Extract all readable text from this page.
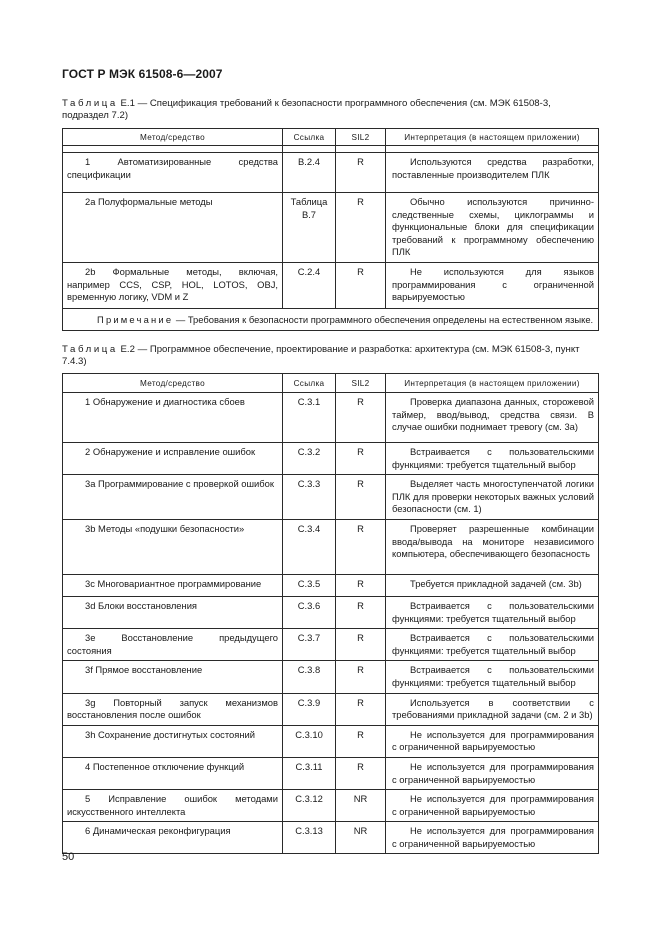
ГОСТ Р МЭК 61508-6—2007
Таблица Е.1 — Спецификация требований к безопасности программного обеспечения (см. МЭК 61508-3, подраздел 7.2)
Метод/средство	Ссылка	SIL2	Интерпретация (в настоящем приложении)

1 Автоматизированные средства спецификации	B.2.4	R	Используются средства разработки, поставленные производителем ПЛК

2а Полуформальные методы	Таблица B.7	R	Обычно используются причинно-следственные схемы, циклограммы и функциональные блоки для спецификации требований к программному обеспечению ПЛК

2b Формальные методы, включая, например CCS, CSP, HOL, LOTOS, OBJ, временную логику, VDM и Z	C.2.4	R	Не используются для языков программирования с ограниченной варьируемостью

Примечание — Требования к безопасности программного обеспечения определены на естественном языке.			
Таблица Е.2 — Программное обеспечение, проектирование и разработка: архитектура (см. МЭК 61508-3, пункт 7.4.3)
Метод/средство	Ссылка	SIL2	Интерпретация (в настоящем приложении)

1 Обнаружение и диагностика сбоев	C.3.1	R	Проверка диапазона данных, сторожевой таймер, ввод/вывод, средства связи. В случае ошибки поднимает тревогу (см. 3а)

2 Обнаружение и исправление ошибок	C.3.2	R	Встраивается с пользовательскими функциями: требуется тщательный выбор

3а Программирование с проверкой ошибок	C.3.3	R	Выделяет часть многоступенчатой логики ПЛК для проверки некоторых важных условий безопасности (см. 1)

3b Методы «подушки безопасности»	C.3.4	R	Проверяет разрешенные комбинации ввода/вывода на мониторе независимого компьютера, обеспечивающего безопасность

3с Многовариантное программирование	C.3.5	R	Требуется прикладной задачей (см. 3b)

3d Блоки восстановления	C.3.6	R	Встраивается с пользовательскими функциями: требуется тщательный выбор

3е Восстановление предыдущего состояния	C.3.7	R	Встраивается с пользовательскими функциями: требуется тщательный выбор

3f Прямое восстановление	C.3.8	R	Встраивается с пользовательскими функциями: требуется тщательный выбор

3g Повторный запуск механизмов восстановления после ошибок	C.3.9	R	Используется в соответствии с требованиями прикладной задачи (см. 2 и 3b)

3h Сохранение достигнутых состояний	C.3.10	R	Не используется для программирования с ограниченной варьируемостью

4 Постепенное отключение функций	C.3.11	R	Не используется для программирования с ограниченной варьируемостью

5 Исправление ошибок методами искусственного интеллекта	C.3.12	NR	Не используется для программирования с ограниченной варьируемостью

6 Динамическая реконфигурация	C.3.13	NR	Не используется для программирования с ограниченной варьируемостью
50
